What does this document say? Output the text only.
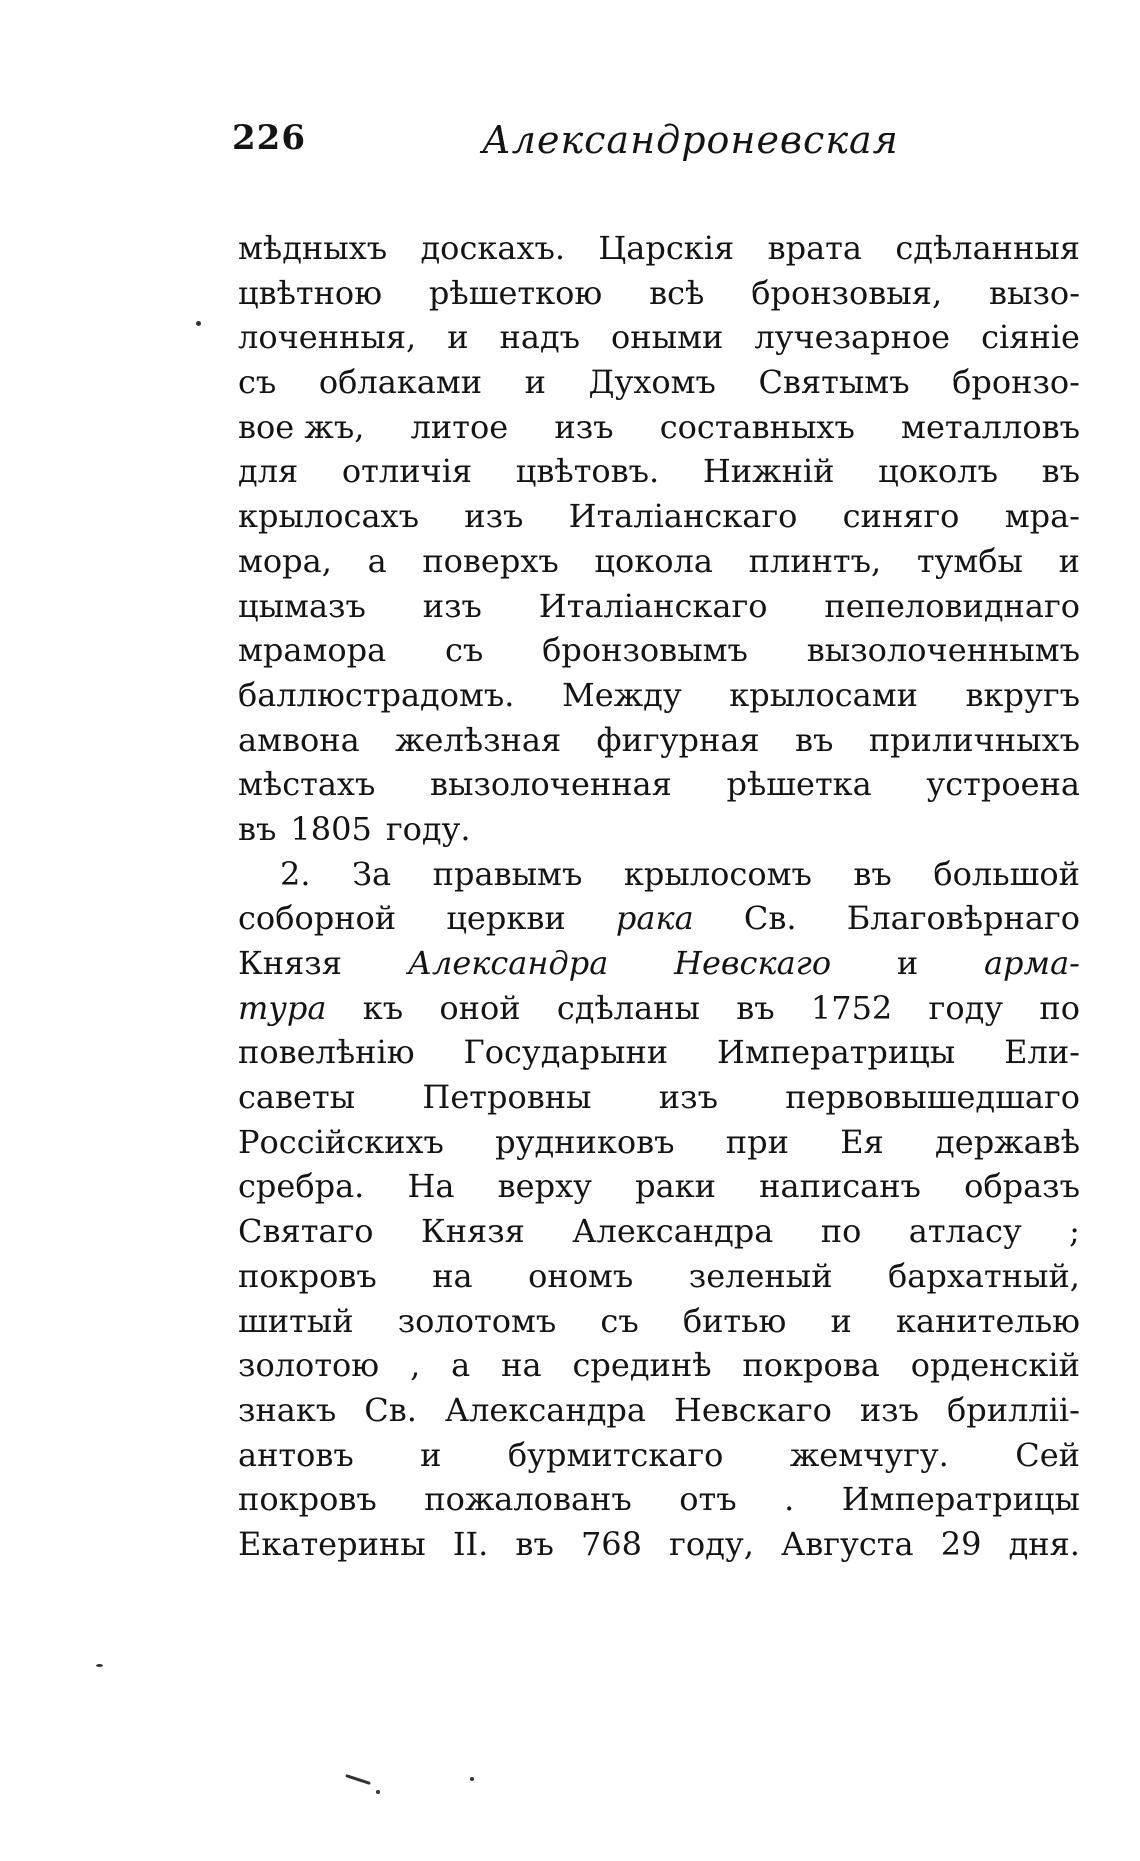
226	Александроневская
мѣдныхъ доскахъ. Царскія врата сдѣланныя
цвѣтною рѣшеткою всѣ бронзовыя, вызо-
лоченныя, и надъ оными лучезарное сіяніе
съ облаками и Духомъ Святымъ бронзо-
вое жъ, литое изъ составныхъ металловъ
для отличія цвѣтовъ. Нижній цоколъ въ
крылосахъ изъ Италіанскаго синяго мра-
мора, а поверхъ цокола плинтъ, тумбы и
цымазъ изъ Италіанскаго пепеловиднаго
мрамора съ бронзовымъ вызолоченнымъ
баллюстрадомъ. Между крылосами вкругъ
амвона желѣзная фигурная въ приличныхъ
мѣстахъ вызолоченная рѣшетка устроена
въ 1805 году.
2. За правымъ крылосомъ въ большой
соборной церкви рака Св. Благовѣрнаго
Князя Александра Невскаго и арма-
тура къ оной сдѣланы въ 1752 году по
повелѣнію Государыни Императрицы Ели-
саветы Петровны изъ первовышедшаго
Россійскихъ рудниковъ при Ея державѣ
сребра. На верху раки написанъ образъ
Святаго Князя Александра по атласу ;
покровъ на ономъ зеленый бархатный,
шитый золотомъ съ битью и канителью
золотою , а на срединѣ покрова орденскій
знакъ Св. Александра Невскаго изъ брилліі-
антовъ и бурмитскаго жемчугу. Сей
покровъ пожалованъ отъ . Императрицы
Екатерины II. въ 768 году, Августа 29 дня.
